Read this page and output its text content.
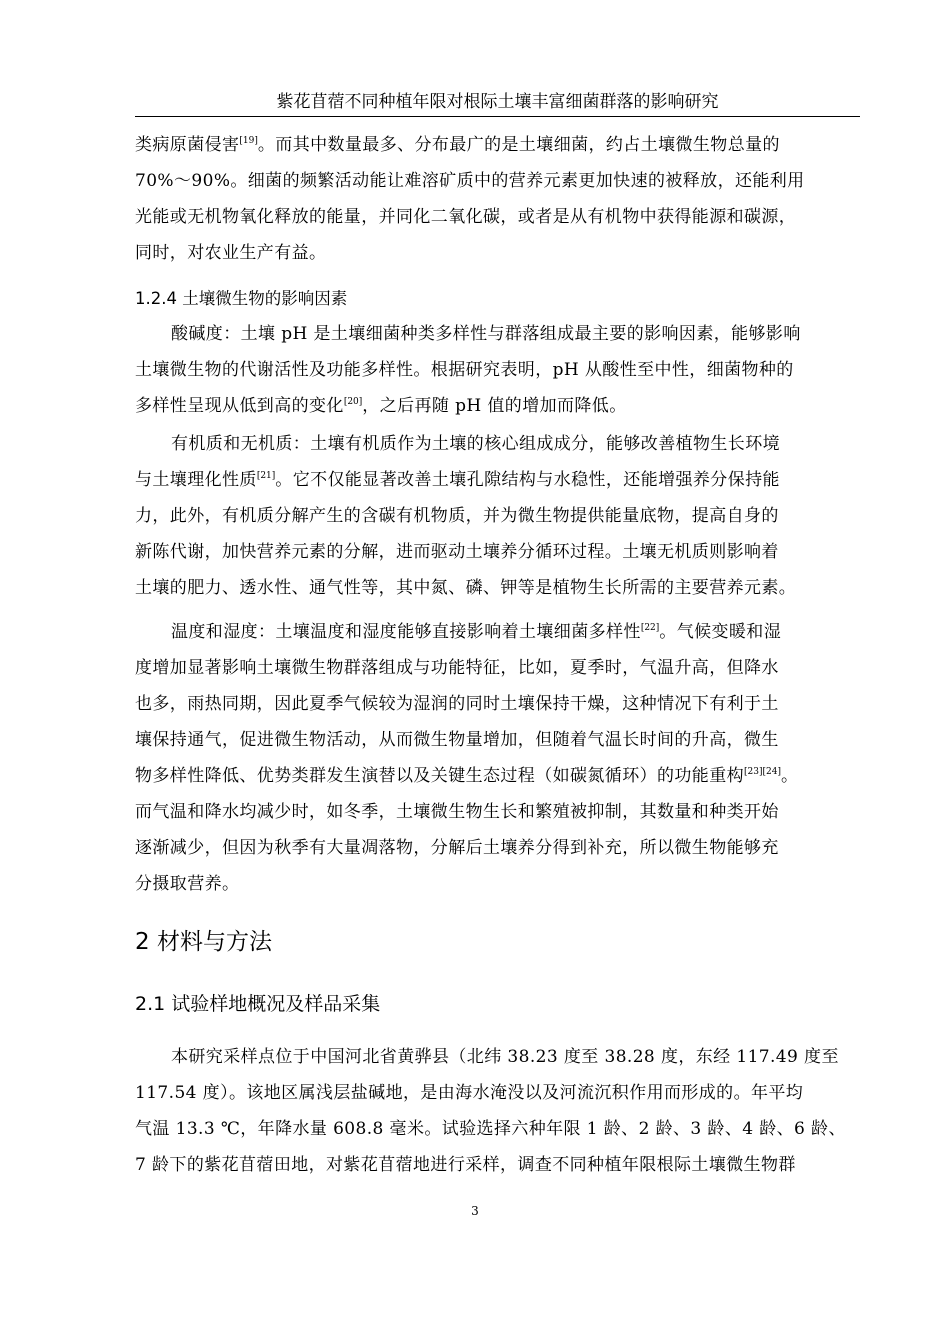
紫花苜蓿不同种植年限对根际土壤丰富细菌群落的影响研究
类病原菌侵害[19]。而其中数量最多、分布最广的是土壤细菌，约占土壤微生物总量的
70%～90%。细菌的频繁活动能让难溶矿质中的营养元素更加快速的被释放，还能利用
光能或无机物氧化释放的能量，并同化二氧化碳，或者是从有机物中获得能源和碳源，
同时，对农业生产有益。
1.2.4 土壤微生物的影响因素
酸碱度：土壤 pH 是土壤细菌种类多样性与群落组成最主要的影响因素，能够影响
土壤微生物的代谢活性及功能多样性。根据研究表明，pH 从酸性至中性，细菌物种的
多样性呈现从低到高的变化[20]，之后再随 pH 值的增加而降低。
有机质和无机质：土壤有机质作为土壤的核心组成成分，能够改善植物生长环境
与土壤理化性质[21]。它不仅能显著改善土壤孔隙结构与水稳性，还能增强养分保持能
力，此外，有机质分解产生的含碳有机物质，并为微生物提供能量底物，提高自身的
新陈代谢，加快营养元素的分解，进而驱动土壤养分循环过程。土壤无机质则影响着
土壤的肥力、透水性、通气性等，其中氮、磷、钾等是植物生长所需的主要营养元素。
温度和湿度：土壤温度和湿度能够直接影响着土壤细菌多样性[22]。气候变暖和湿
度增加显著影响土壤微生物群落组成与功能特征，比如，夏季时，气温升高，但降水
也多，雨热同期，因此夏季气候较为湿润的同时土壤保持干燥，这种情况下有利于土
壤保持通气，促进微生物活动，从而微生物量增加，但随着气温长时间的升高，微生
物多样性降低、优势类群发生演替以及关键生态过程（如碳氮循环）的功能重构[23][24]。
而气温和降水均减少时，如冬季，土壤微生物生长和繁殖被抑制，其数量和种类开始
逐渐减少，但因为秋季有大量凋落物，分解后土壤养分得到补充，所以微生物能够充
分摄取营养。
2 材料与方法
2.1 试验样地概况及样品采集
本研究采样点位于中国河北省黄骅县（北纬 38.23 度至 38.28 度，东经 117.49 度至
117.54 度）。该地区属浅层盐碱地，是由海水淹没以及河流沉积作用而形成的。年平均
气温 13.3 ℃，年降水量 608.8 毫米。试验选择六种年限 1 龄、2 龄、3 龄、4 龄、6 龄、
7 龄下的紫花苜蓿田地，对紫花苜蓿地进行采样，调查不同种植年限根际土壤微生物群
3
